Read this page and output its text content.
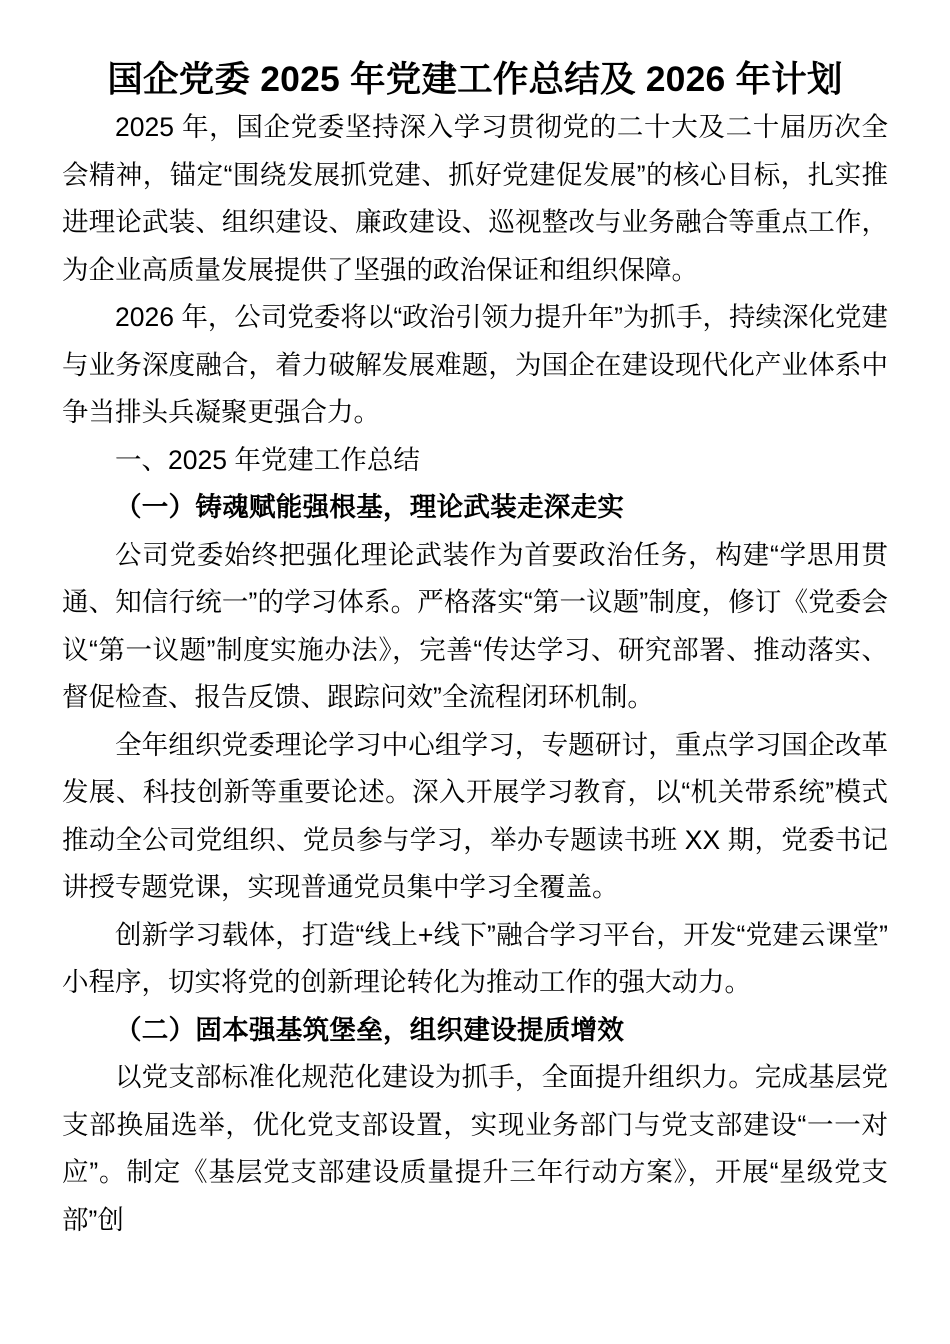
国企党委 2025 年党建工作总结及 2026 年计划

2025 年，国企党委坚持深入学习贯彻党的二十大及二十届历次全会精神，锚定“围绕发展抓党建、抓好党建促发展”的核心目标，扎实推进理论武装、组织建设、廉政建设、巡视整改与业务融合等重点工作，为企业高质量发展提供了坚强的政治保证和组织保障。

2026 年，公司党委将以“政治引领力提升年”为抓手，持续深化党建与业务深度融合，着力破解发展难题，为国企在建设现代化产业体系中争当排头兵凝聚更强合力。

一、2025 年党建工作总结

（一）铸魂赋能强根基，理论武装走深走实

公司党委始终把强化理论武装作为首要政治任务，构建“学思用贯通、知信行统一”的学习体系。严格落实“第一议题”制度，修订《党委会议“第一议题”制度实施办法》，完善“传达学习、研究部署、推动落实、督促检查、报告反馈、跟踪问效”全流程闭环机制。

全年组织党委理论学习中心组学习，专题研讨，重点学习国企改革发展、科技创新等重要论述。深入开展学习教育，以“机关带系统”模式推动全公司党组织、党员参与学习，举办专题读书班 XX 期，党委书记讲授专题党课，实现普通党员集中学习全覆盖。

创新学习载体，打造“线上+线下”融合学习平台，开发“党建云课堂”小程序，切实将党的创新理论转化为推动工作的强大动力。

（二）固本强基筑堡垒，组织建设提质增效

以党支部标准化规范化建设为抓手，全面提升组织力。完成基层党支部换届选举，优化党支部设置，实现业务部门与党支部建设“一一对应”。制定《基层党支部建设质量提升三年行动方案》，开展“星级党支部”创
